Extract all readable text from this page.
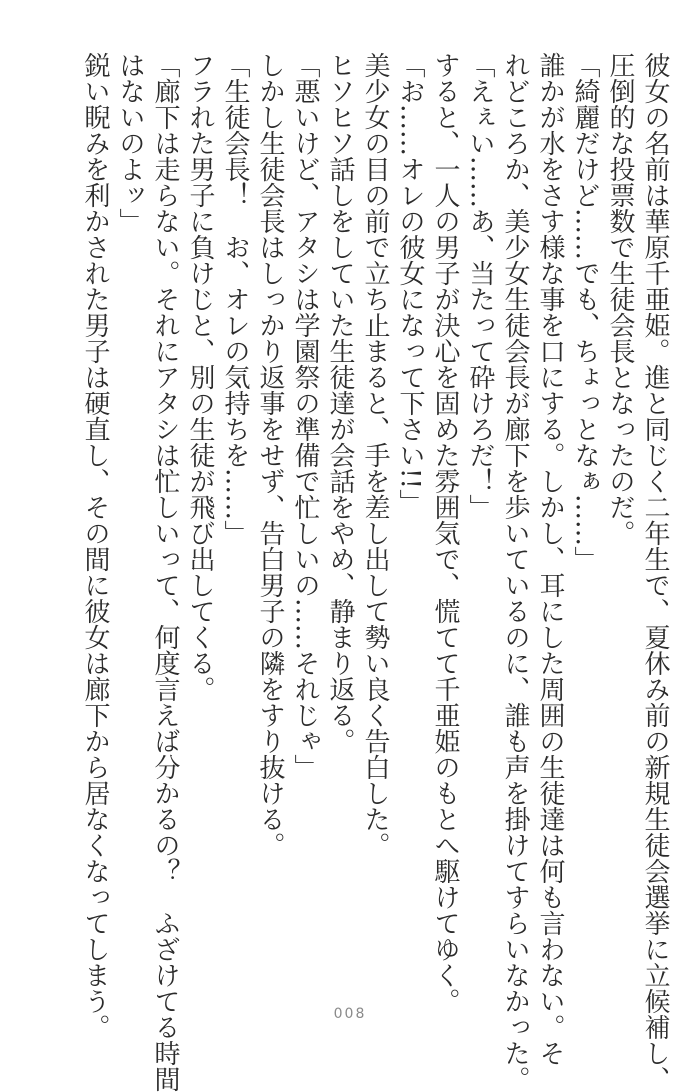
彼女の名前は華原千亜姫。進と同じく二年生で、夏休み前の新規生徒会選挙に立候補し、
圧倒的な投票数で生徒会長となったのだ。
「綺麗だけど……でも、ちょっとなぁ……」
誰かが水をさす様な事を口にする。しかし、耳にした周囲の生徒達は何も言わない。そ
れどころか、美少女生徒会長が廊下を歩いているのに、誰も声を掛けてすらいなかった。
「えぇい……あ、当たって砕けろだ！」
すると、一人の男子が決心を固めた雰囲気で、慌てて千亜姫のもとへ駆けてゆく。
「お……オレの彼女になって下さい!!」
美少女の目の前で立ち止まると、手を差し出して勢い良く告白した。
ヒソヒソ話しをしていた生徒達が会話をやめ、静まり返る。
「悪いけど、アタシは学園祭の準備で忙しいの……それじゃ」
しかし生徒会長はしっかり返事をせず、告白男子の隣をすり抜ける。
「生徒会長！　お、オレの気持ちを……」
フラれた男子に負けじと、別の生徒が飛び出してくる。
「廊下は走らない。それにアタシは忙しいって、何度言えば分かるの？　ふざけてる時間
はないのよッ」
鋭い睨みを利かされた男子は硬直し、その間に彼女は廊下から居なくなってしまう。	008
